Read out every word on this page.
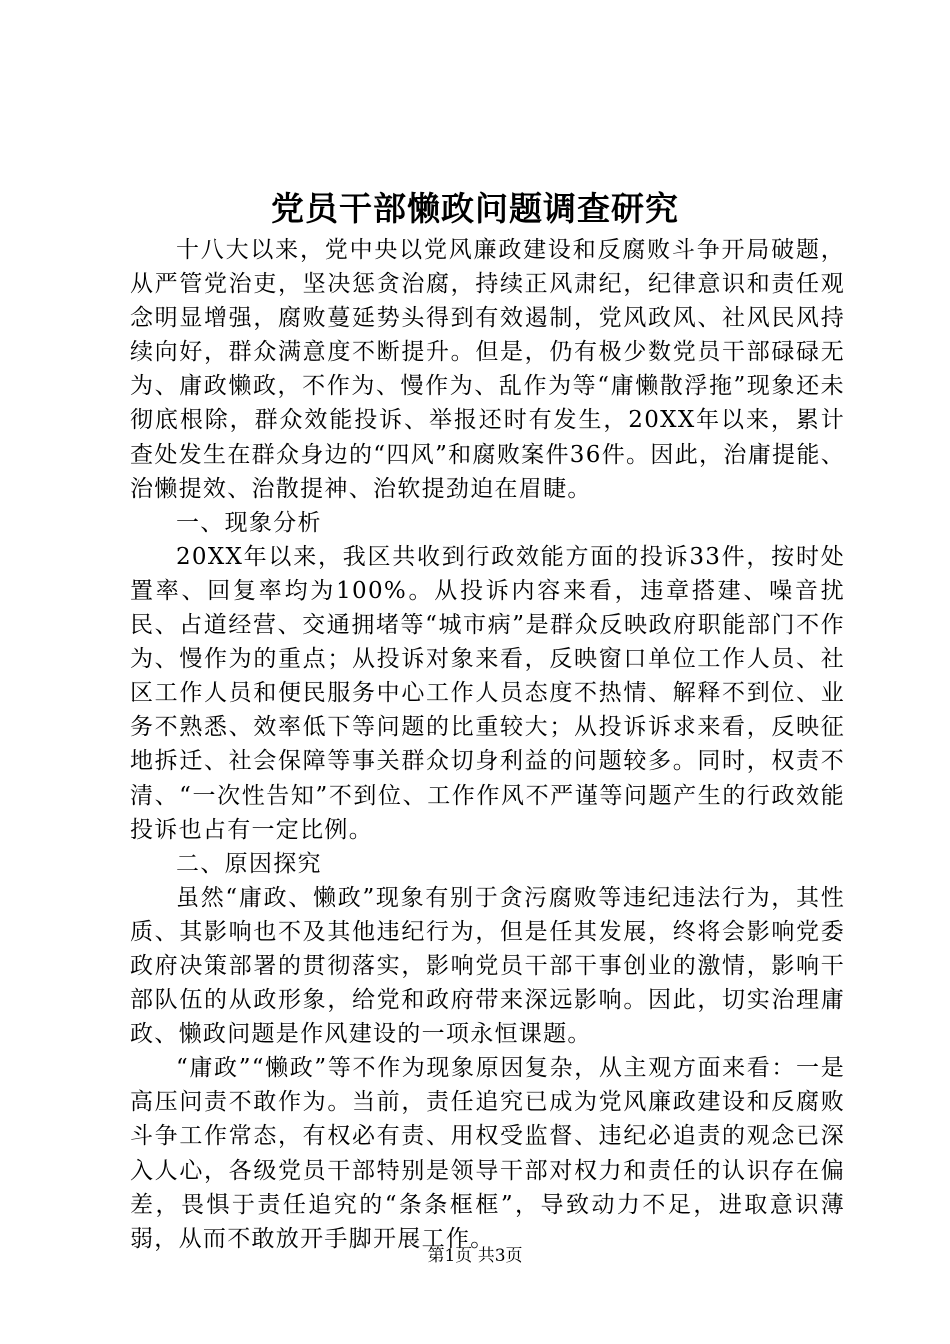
党员干部懒政问题调查研究

十八大以来，党中央以党风廉政建设和反腐败斗争开局破题，从严管党治吏，坚决惩贪治腐，持续正风肃纪，纪律意识和责任观念明显增强，腐败蔓延势头得到有效遏制，党风政风、社风民风持续向好，群众满意度不断提升。但是，仍有极少数党员干部碌碌无为、庸政懒政，不作为、慢作为、乱作为等“庸懒散浮拖”现象还未彻底根除，群众效能投诉、举报还时有发生，20XX年以来，累计查处发生在群众身边的“四风”和腐败案件36件。因此，治庸提能、治懒提效、治散提神、治软提劲迫在眉睫。

一、现象分析

20XX年以来，我区共收到行政效能方面的投诉33件，按时处置率、回复率均为100%。从投诉内容来看，违章搭建、噪音扰民、占道经营、交通拥堵等“城市病”是群众反映政府职能部门不作为、慢作为的重点；从投诉对象来看，反映窗口单位工作人员、社区工作人员和便民服务中心工作人员态度不热情、解释不到位、业务不熟悉、效率低下等问题的比重较大；从投诉诉求来看，反映征地拆迁、社会保障等事关群众切身利益的问题较多。同时，权责不清、“一次性告知”不到位、工作作风不严谨等问题产生的行政效能投诉也占有一定比例。

二、原因探究

虽然“庸政、懒政”现象有别于贪污腐败等违纪违法行为，其性质、其影响也不及其他违纪行为，但是任其发展，终将会影响党委政府决策部署的贯彻落实，影响党员干部干事创业的激情，影响干部队伍的从政形象，给党和政府带来深远影响。因此，切实治理庸政、懒政问题是作风建设的一项永恒课题。

“庸政”“懒政”等不作为现象原因复杂，从主观方面来看：一是高压问责不敢作为。当前，责任追究已成为党风廉政建设和反腐败斗争工作常态，有权必有责、用权受监督、违纪必追责的观念已深入人心，各级党员干部特别是领导干部对权力和责任的认识存在偏差，畏惧于责任追究的“条条框框”，导致动力不足，进取意识薄弱，从而不敢放开手脚开展工作。

第1页 共3页
